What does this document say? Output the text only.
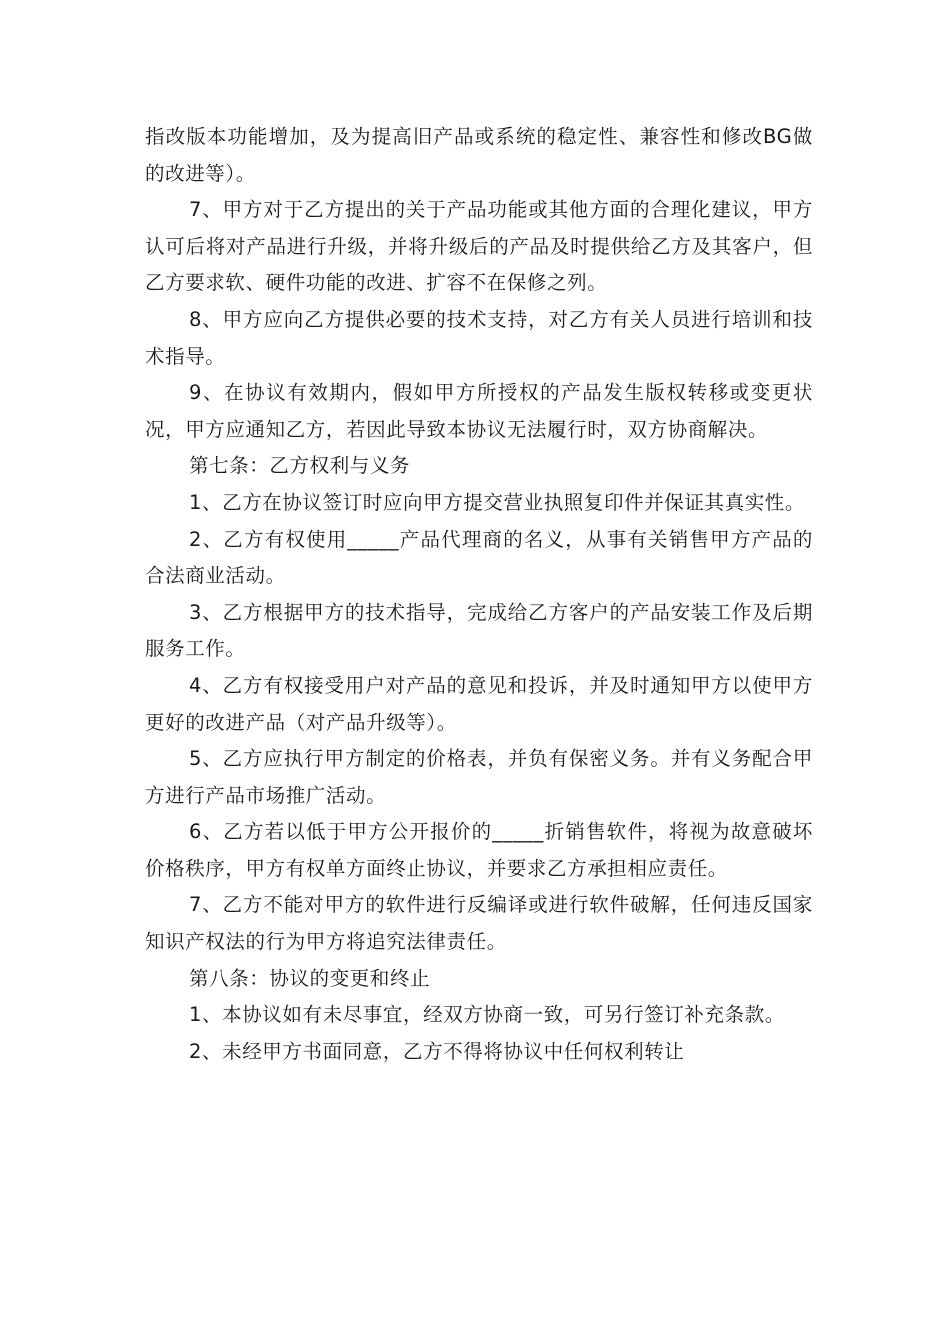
指改版本功能增加，及为提高旧产品或系统的稳定性、兼容性和修改BG做的改进等）。

7、甲方对于乙方提出的关于产品功能或其他方面的合理化建议，甲方认可后将对产品进行升级，并将升级后的产品及时提供给乙方及其客户，但乙方要求软、硬件功能的改进、扩容不在保修之列。

8、甲方应向乙方提供必要的技术支持，对乙方有关人员进行培训和技术指导。

9、在协议有效期内，假如甲方所授权的产品发生版权转移或变更状况，甲方应通知乙方，若因此导致本协议无法履行时，双方协商解决。

第七条：乙方权利与义务

1、乙方在协议签订时应向甲方提交营业执照复印件并保证其真实性。

2、乙方有权使用_____产品代理商的名义，从事有关销售甲方产品的合法商业活动。

3、乙方根据甲方的技术指导，完成给乙方客户的产品安装工作及后期服务工作。

4、乙方有权接受用户对产品的意见和投诉，并及时通知甲方以使甲方更好的改进产品（对产品升级等）。

5、乙方应执行甲方制定的价格表，并负有保密义务。并有义务配合甲方进行产品市场推广活动。

6、乙方若以低于甲方公开报价的_____折销售软件，将视为故意破坏价格秩序，甲方有权单方面终止协议，并要求乙方承担相应责任。

7、乙方不能对甲方的软件进行反编译或进行软件破解，任何违反国家知识产权法的行为甲方将追究法律责任。

第八条：协议的变更和终止

1、本协议如有未尽事宜，经双方协商一致，可另行签订补充条款。

2、未经甲方书面同意，乙方不得将协议中任何权利转让
